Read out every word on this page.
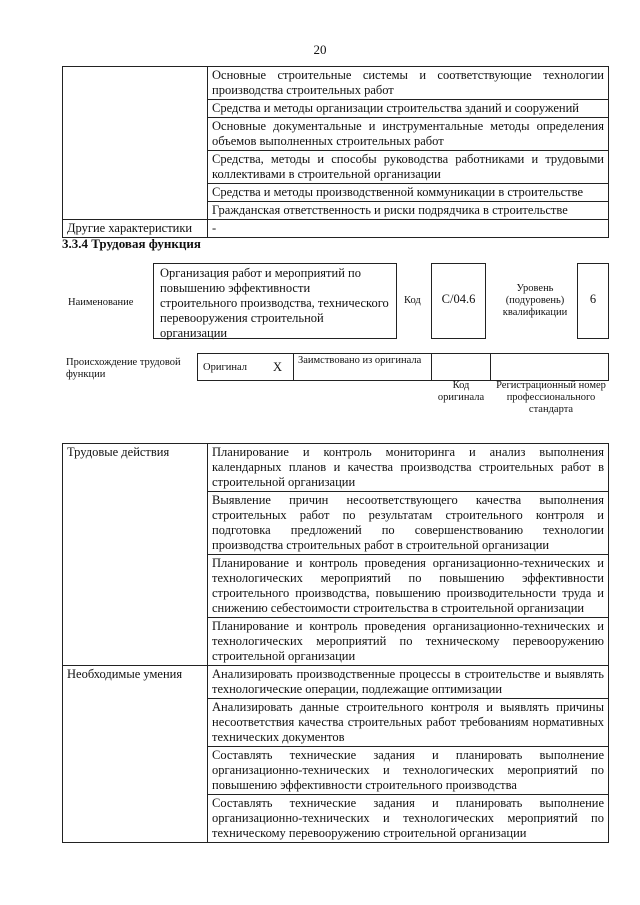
20
	Основные строительные системы и соответствующие технологии производства строительных работ
	Средства и методы организации строительства зданий и сооружений
	Основные документальные и инструментальные методы определения объемов выполненных строительных работ
	Средства, методы и способы руководства работниками и трудовыми коллективами в строительной организации
	Средства и методы производственной коммуникации в строительстве
	Гражданская ответственность и риски подрядчика в строительстве
Другие характеристики	-
3.3.4 Трудовая функция
Наименование
Организация работ и мероприятий по повышению эффективности строительного производства, технического перевооружения строительной организации
Код	C/04.6
Уровень (подуровень) квалификации
6
Происхождение трудовой функции
Оригинал X Заимствовано из оригинала
Код оригинала
Регистрационный номер профессионального стандарта
Трудовые действия	Планирование и контроль мониторинга и анализ выполнения календарных планов и качества производства строительных работ в строительной организации
	Выявление причин несоответствующего качества выполнения строительных работ по результатам строительного контроля и подготовка предложений по совершенствованию технологии производства строительных работ в строительной организации
	Планирование и контроль проведения организационно-технических и технологических мероприятий по повышению эффективности строительного производства, повышению производительности труда и снижению себестоимости строительства в строительной организации
	Планирование и контроль проведения организационно-технических и технологических мероприятий по техническому перевооружению строительной организации
Необходимые умения	Анализировать производственные процессы в строительстве и выявлять технологические операции, подлежащие оптимизации
	Анализировать данные строительного контроля и выявлять причины несоответствия качества строительных работ требованиям нормативных технических документов
	Составлять технические задания и планировать выполнение организационно-технических и технологических мероприятий по повышению эффективности строительного производства
	Составлять технические задания и планировать выполнение организационно-технических и технологических мероприятий по техническому перевооружению строительной организации
